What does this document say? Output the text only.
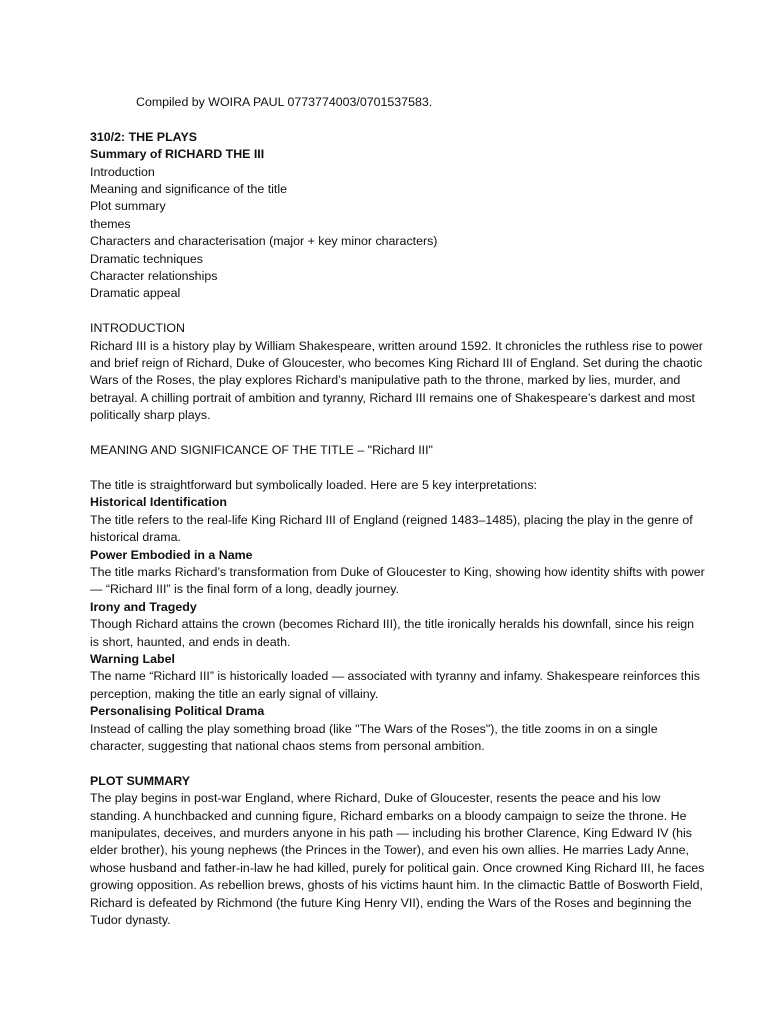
Compiled by WOIRA PAUL 0773774003/0701537583.

310/2: THE PLAYS

Summary of RICHARD THE III

Introduction

Meaning and significance of the title

Plot summary

themes

Characters and characterisation (major + key minor characters)

Dramatic techniques

Character relationships

Dramatic appeal

INTRODUCTION

Richard III is a history play by William Shakespeare, written around 1592. It chronicles the ruthless rise to power and brief reign of Richard, Duke of Gloucester, who becomes King Richard III of England. Set during the chaotic Wars of the Roses, the play explores Richard’s manipulative path to the throne, marked by lies, murder, and betrayal. A chilling portrait of ambition and tyranny, Richard III remains one of Shakespeare’s darkest and most politically sharp plays.

MEANING AND SIGNIFICANCE OF THE TITLE – "Richard III"

The title is straightforward but symbolically loaded. Here are 5 key interpretations:

Historical Identification

The title refers to the real-life King Richard III of England (reigned 1483–1485), placing the play in the genre of historical drama.

Power Embodied in a Name

The title marks Richard’s transformation from Duke of Gloucester to King, showing how identity shifts with power — “Richard III” is the final form of a long, deadly journey.

Irony and Tragedy

Though Richard attains the crown (becomes Richard III), the title ironically heralds his downfall, since his reign is short, haunted, and ends in death.

Warning Label

The name “Richard III” is historically loaded — associated with tyranny and infamy. Shakespeare reinforces this perception, making the title an early signal of villainy.

Personalising Political Drama

Instead of calling the play something broad (like "The Wars of the Roses"), the title zooms in on a single character, suggesting that national chaos stems from personal ambition.

PLOT SUMMARY

The play begins in post-war England, where Richard, Duke of Gloucester, resents the peace and his low standing. A hunchbacked and cunning figure, Richard embarks on a bloody campaign to seize the throne. He manipulates, deceives, and murders anyone in his path — including his brother Clarence, King Edward IV (his elder brother), his young nephews (the Princes in the Tower), and even his own allies. He marries Lady Anne, whose husband and father-in-law he had killed, purely for political gain. Once crowned King Richard III, he faces growing opposition. As rebellion brews, ghosts of his victims haunt him. In the climactic Battle of Bosworth Field, Richard is defeated by Richmond (the future King Henry VII), ending the Wars of the Roses and beginning the Tudor dynasty.
